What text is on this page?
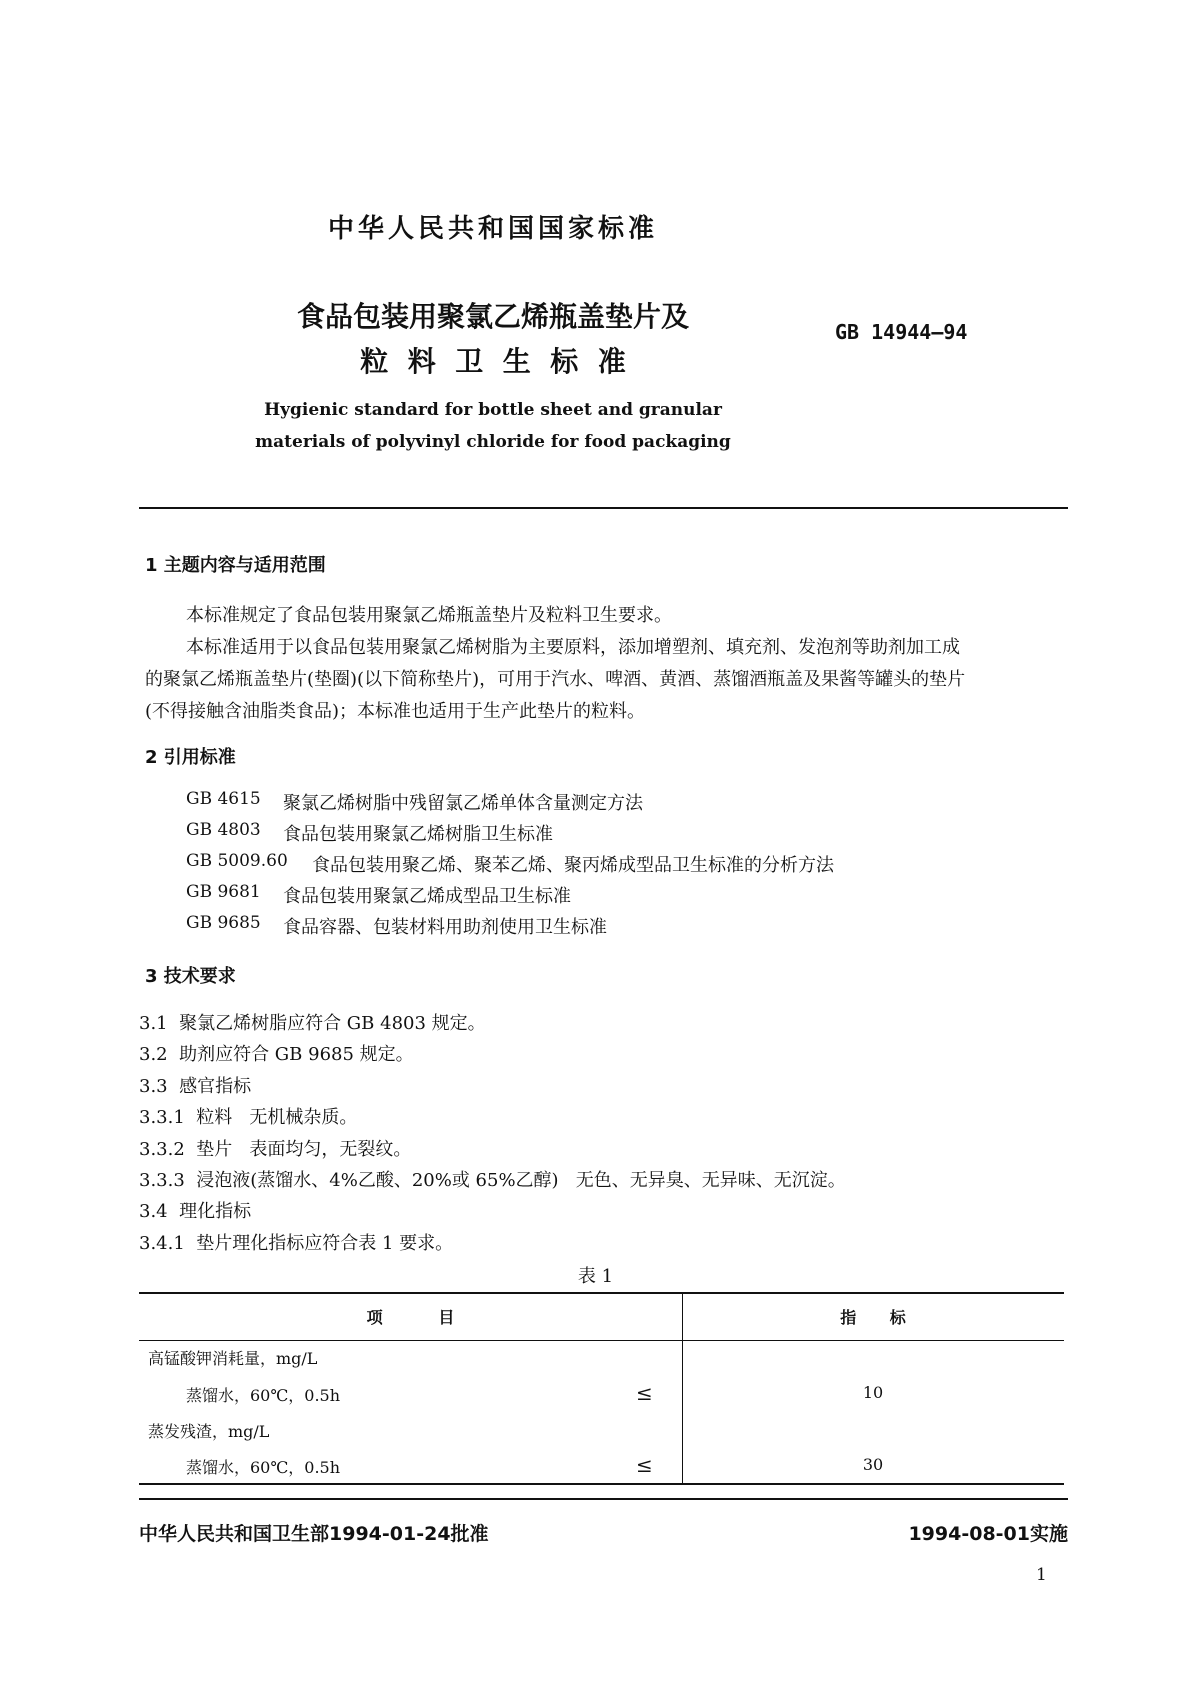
中华人民共和国国家标准
食品包装用聚氯乙烯瓶盖垫片及
粒  料  卫  生  标  准
GB 14944—94
Hygienic standard for bottle sheet and granular
materials of polyvinyl chloride for food packaging
1 主题内容与适用范围
本标准规定了食品包装用聚氯乙烯瓶盖垫片及粒料卫生要求。
本标准适用于以食品包装用聚氯乙烯树脂为主要原料，添加增塑剂、填充剂、发泡剂等助剂加工成
的聚氯乙烯瓶盖垫片(垫圈)(以下简称垫片)，可用于汽水、啤酒、黄酒、蒸馏酒瓶盖及果酱等罐头的垫片
(不得接触含油脂类食品)；本标准也适用于生产此垫片的粒料。
2 引用标准
GB 4615 聚氯乙烯树脂中残留氯乙烯单体含量测定方法
GB 4803 食品包装用聚氯乙烯树脂卫生标准
GB 5009.60 食品包装用聚乙烯、聚苯乙烯、聚丙烯成型品卫生标准的分析方法
GB 9681 食品包装用聚氯乙烯成型品卫生标准
GB 9685 食品容器、包装材料用助剂使用卫生标准
3 技术要求
3.1  聚氯乙烯树脂应符合 GB 4803 规定。
3.2  助剂应符合 GB 9685 规定。
3.3  感官指标
3.3.1  粒料   无机械杂质。
3.3.2  垫片   表面均匀，无裂纹。
3.3.3  浸泡液(蒸馏水、4%乙酸、20%或 65%乙醇)   无色、无异臭、无异味、无沉淀。
3.4  理化指标
3.4.1  垫片理化指标应符合表 1 要求。
表 1
项          目	指      标
高锰酸钾消耗量，mg/L
蒸馏水，60℃，0.5h	≤	10
蒸发残渣，mg/L
蒸馏水，60℃，0.5h	≤	30
中华人民共和国卫生部1994-01-24批准	1994-08-01实施
1
